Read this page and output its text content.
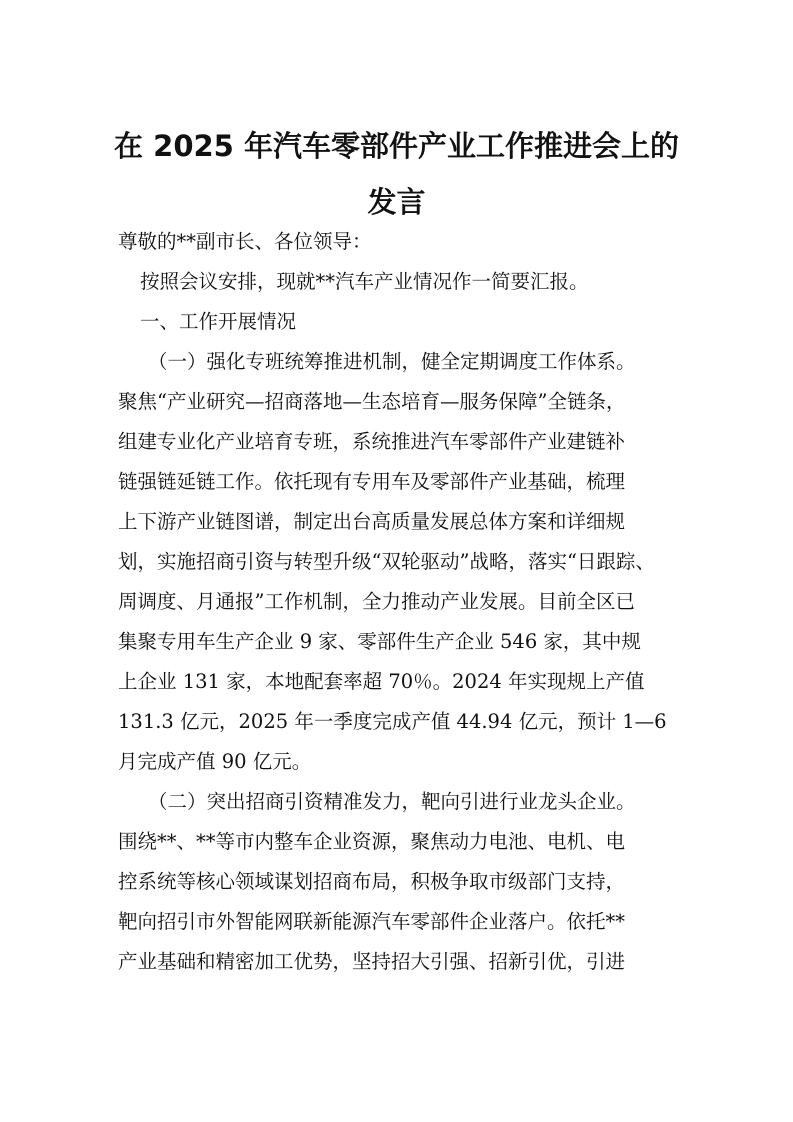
在 2025 年汽车零部件产业工作推进会上的
发言

尊敬的**副市长、各位领导：

按照会议安排，现就**汽车产业情况作一简要汇报。

一、工作开展情况

（一）强化专班统筹推进机制，健全定期调度工作体系。

聚焦“产业研究—招商落地—生态培育—服务保障”全链条，

组建专业化产业培育专班，系统推进汽车零部件产业建链补

链强链延链工作。依托现有专用车及零部件产业基础，梳理

上下游产业链图谱，制定出台高质量发展总体方案和详细规

划，实施招商引资与转型升级“双轮驱动”战略，落实“日跟踪、

周调度、月通报”工作机制，全力推动产业发展。目前全区已

集聚专用车生产企业 9 家、零部件生产企业 546 家，其中规

上企业 131 家，本地配套率超 70％。2024 年实现规上产值

131.3 亿元，2025 年一季度完成产值 44.94 亿元，预计 1—6

月完成产值 90 亿元。

（二）突出招商引资精准发力，靶向引进行业龙头企业。

围绕**、**等市内整车企业资源，聚焦动力电池、电机、电

控系统等核心领域谋划招商布局，积极争取市级部门支持，

靶向招引市外智能网联新能源汽车零部件企业落户。依托**

产业基础和精密加工优势，坚持招大引强、招新引优，引进
